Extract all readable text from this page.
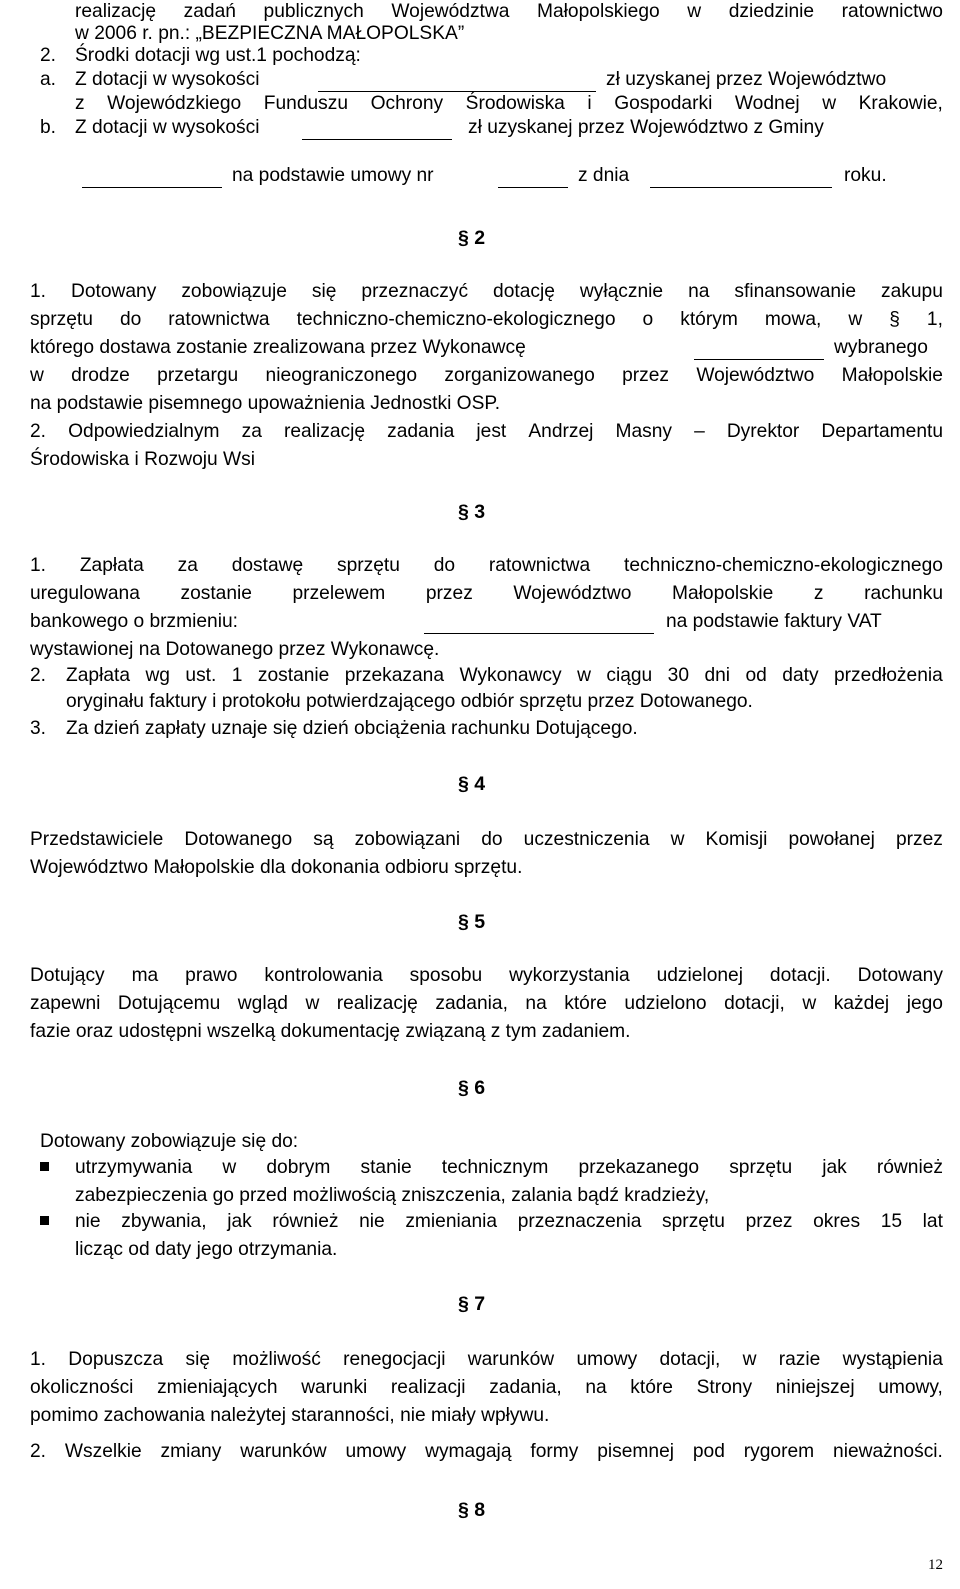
realizację zadań publicznych Województwa Małopolskiego w dziedzinie ratownictwo
w 2006 r. pn.: „BEZPIECZNA MAŁOPOLSKA”
2. Środki dotacji wg ust.1 pochodzą:
a. Z dotacji w wysokości	zł uzyskanej przez Województwo
z Wojewódzkiego Funduszu Ochrony Środowiska i Gospodarki Wodnej w Krakowie,
b. Z dotacji w wysokości	zł uzyskanej przez Województwo z Gminy
na podstawie umowy nr	z dnia	roku.
§ 2
1. Dotowany zobowiązuje się przeznaczyć dotację wyłącznie na sfinansowanie zakupu
sprzętu do ratownictwa techniczno-chemiczno-ekologicznego o którym mowa, w § 1,
którego dostawa zostanie zrealizowana przez Wykonawcę	wybranego
w drodze przetargu nieograniczonego zorganizowanego przez Województwo Małopolskie
na podstawie pisemnego upoważnienia Jednostki OSP.
2. Odpowiedzialnym za realizację zadania jest Andrzej Masny – Dyrektor Departamentu
Środowiska i Rozwoju Wsi
§ 3
1. Zapłata za dostawę sprzętu do ratownictwa techniczno-chemiczno-ekologicznego
uregulowana zostanie przelewem przez Województwo Małopolskie z rachunku
bankowego o brzmieniu:	na podstawie faktury VAT
wystawionej na Dotowanego przez Wykonawcę.
2. Zapłata wg ust. 1 zostanie przekazana Wykonawcy w ciągu 30 dni od daty przedłożenia
oryginału faktury i protokołu potwierdzającego odbiór sprzętu przez Dotowanego.
3. Za dzień zapłaty uznaje się dzień obciążenia rachunku Dotującego.
§ 4
Przedstawiciele Dotowanego są zobowiązani do uczestniczenia w Komisji powołanej przez
Województwo Małopolskie dla dokonania odbioru sprzętu.
§ 5
Dotujący ma prawo kontrolowania sposobu wykorzystania udzielonej dotacji. Dotowany
zapewni Dotującemu wgląd w realizację zadania, na które udzielono dotacji, w każdej jego
fazie oraz udostępni wszelką dokumentację związaną z tym zadaniem.
§ 6
Dotowany zobowiązuje się do:
utrzymywania w dobrym stanie technicznym przekazanego sprzętu jak również
zabezpieczenia go przed możliwością zniszczenia, zalania bądź kradzieży,
nie zbywania, jak również nie zmieniania przeznaczenia sprzętu przez okres 15 lat
licząc od daty jego otrzymania.
§ 7
1. Dopuszcza się możliwość renegocjacji warunków umowy dotacji, w razie wystąpienia
okoliczności zmieniających warunki realizacji zadania, na które Strony niniejszej umowy,
pomimo zachowania należytej staranności, nie miały wpływu.
2. Wszelkie zmiany warunków umowy wymagają formy pisemnej pod rygorem nieważności.
§ 8
12
